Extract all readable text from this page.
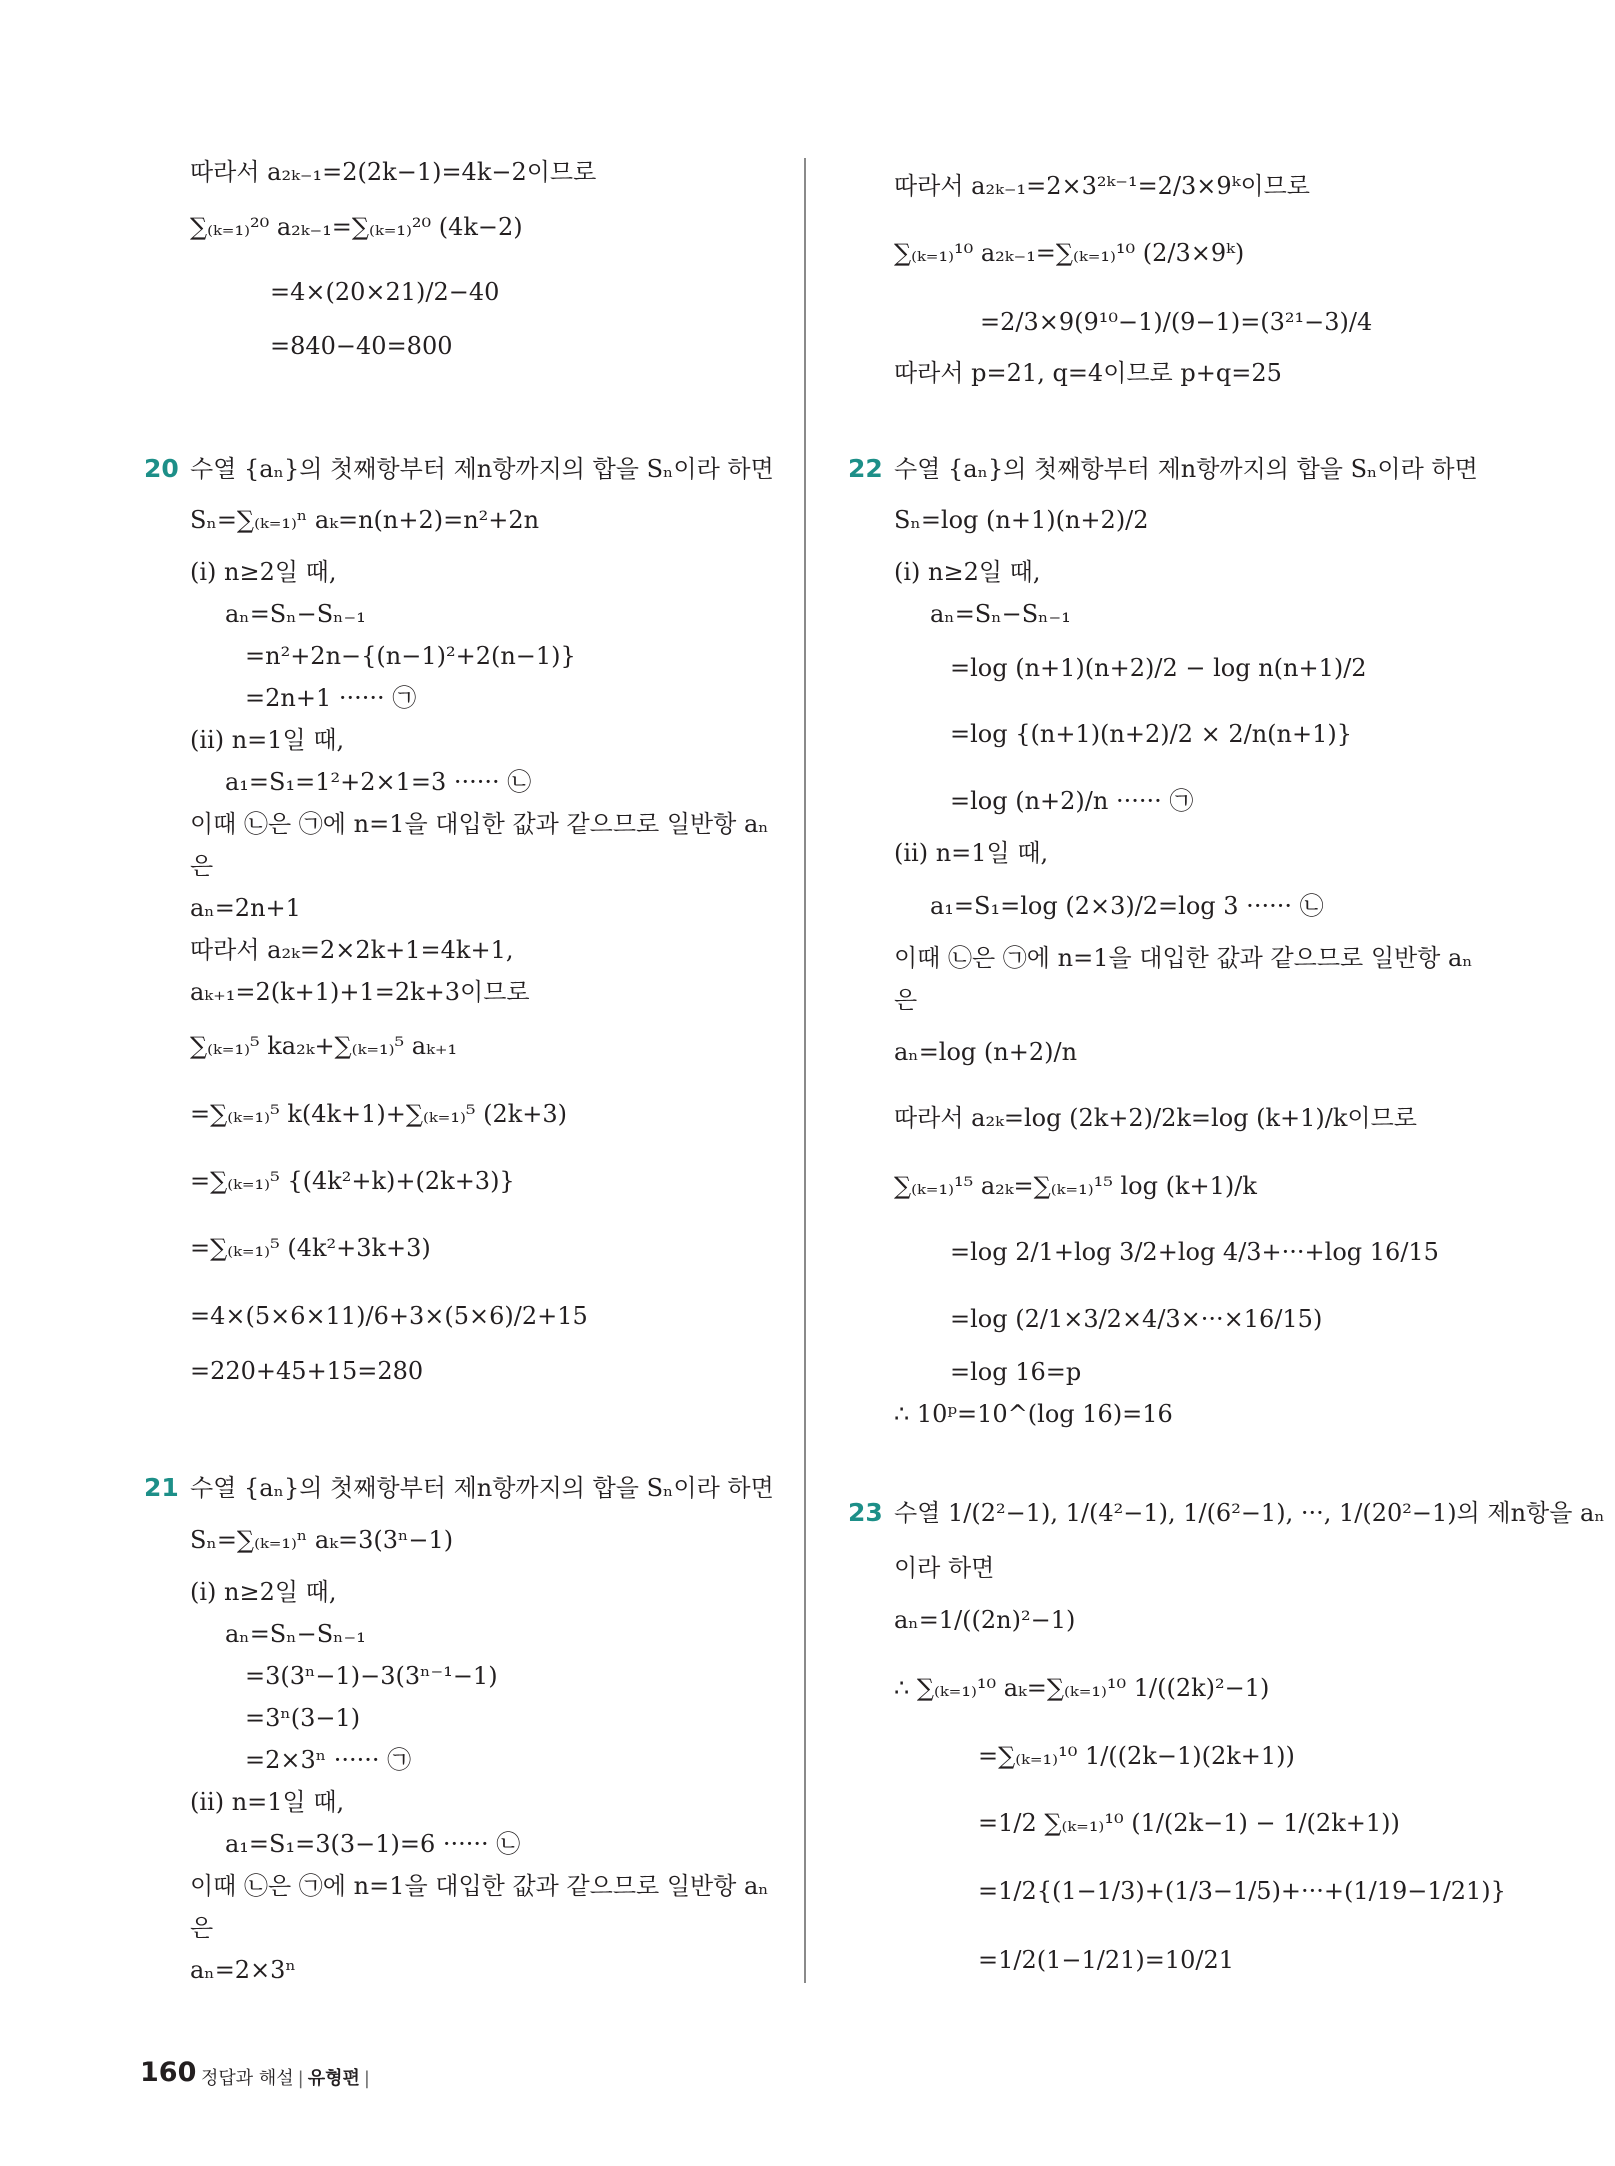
따라서 a₂ₖ₋₁=2(2k−1)=4k−2이므로
∑₍ₖ₌₁₎²⁰ a₂ₖ₋₁=∑₍ₖ₌₁₎²⁰ (4k−2)
=4×(20×21)/2−40
=840−40=800
20 수열 {aₙ}의 첫째항부터 제n항까지의 합을 Sₙ이라 하면
Sₙ=∑₍ₖ₌₁₎ⁿ aₖ=n(n+2)=n²+2n
(ⅰ) n≥2일 때,
aₙ=Sₙ−Sₙ₋₁
=n²+2n−{(n−1)²+2(n−1)}
=2n+1 ······ ㉠
(ⅱ) n=1일 때,
a₁=S₁=1²+2×1=3 ······ ㉡
이때 ㉡은 ㉠에 n=1을 대입한 값과 같으므로 일반항 aₙ
은
aₙ=2n+1
따라서 a₂ₖ=2×2k+1=4k+1,
aₖ₊₁=2(k+1)+1=2k+3이므로
∑₍ₖ₌₁₎⁵ ka₂ₖ+∑₍ₖ₌₁₎⁵ aₖ₊₁
=∑₍ₖ₌₁₎⁵ k(4k+1)+∑₍ₖ₌₁₎⁵ (2k+3)
=∑₍ₖ₌₁₎⁵ {(4k²+k)+(2k+3)}
=∑₍ₖ₌₁₎⁵ (4k²+3k+3)
=4×(5×6×11)/6+3×(5×6)/2+15
=220+45+15=280
21 수열 {aₙ}의 첫째항부터 제n항까지의 합을 Sₙ이라 하면
Sₙ=∑₍ₖ₌₁₎ⁿ aₖ=3(3ⁿ−1)
(ⅰ) n≥2일 때,
aₙ=Sₙ−Sₙ₋₁
=3(3ⁿ−1)−3(3ⁿ⁻¹−1)
=3ⁿ(3−1)
=2×3ⁿ ······ ㉠
(ⅱ) n=1일 때,
a₁=S₁=3(3−1)=6 ······ ㉡
이때 ㉡은 ㉠에 n=1을 대입한 값과 같으므로 일반항 aₙ
은
aₙ=2×3ⁿ
따라서 a₂ₖ₋₁=2×3²ᵏ⁻¹=2/3×9ᵏ이므로
∑₍ₖ₌₁₎¹⁰ a₂ₖ₋₁=∑₍ₖ₌₁₎¹⁰ (2/3×9ᵏ)
=2/3×9(9¹⁰−1)/(9−1)=(3²¹−3)/4
따라서 p=21, q=4이므로 p+q=25
22 수열 {aₙ}의 첫째항부터 제n항까지의 합을 Sₙ이라 하면
Sₙ=log (n+1)(n+2)/2
(ⅰ) n≥2일 때,
aₙ=Sₙ−Sₙ₋₁
=log (n+1)(n+2)/2 − log n(n+1)/2
=log {(n+1)(n+2)/2 × 2/n(n+1)}
=log (n+2)/n ······ ㉠
(ⅱ) n=1일 때,
a₁=S₁=log (2×3)/2=log 3 ······ ㉡
이때 ㉡은 ㉠에 n=1을 대입한 값과 같으므로 일반항 aₙ
은
aₙ=log (n+2)/n
따라서 a₂ₖ=log (2k+2)/2k=log (k+1)/k이므로
∑₍ₖ₌₁₎¹⁵ a₂ₖ=∑₍ₖ₌₁₎¹⁵ log (k+1)/k
=log 2/1+log 3/2+log 4/3+···+log 16/15
=log (2/1×3/2×4/3×···×16/15)
=log 16=p
∴ 10ᵖ=10^(log 16)=16
23 수열 1/(2²−1), 1/(4²−1), 1/(6²−1), ···, 1/(20²−1)의 제n항을 aₙ
이라 하면
aₙ=1/((2n)²−1)
∴ ∑₍ₖ₌₁₎¹⁰ aₖ=∑₍ₖ₌₁₎¹⁰ 1/((2k)²−1)
=∑₍ₖ₌₁₎¹⁰ 1/((2k−1)(2k+1))
=1/2 ∑₍ₖ₌₁₎¹⁰ (1/(2k−1) − 1/(2k+1))
=1/2{(1−1/3)+(1/3−1/5)+···+(1/19−1/21)}
=1/2(1−1/21)=10/21
160 정답과 해설 | 유형편 |
